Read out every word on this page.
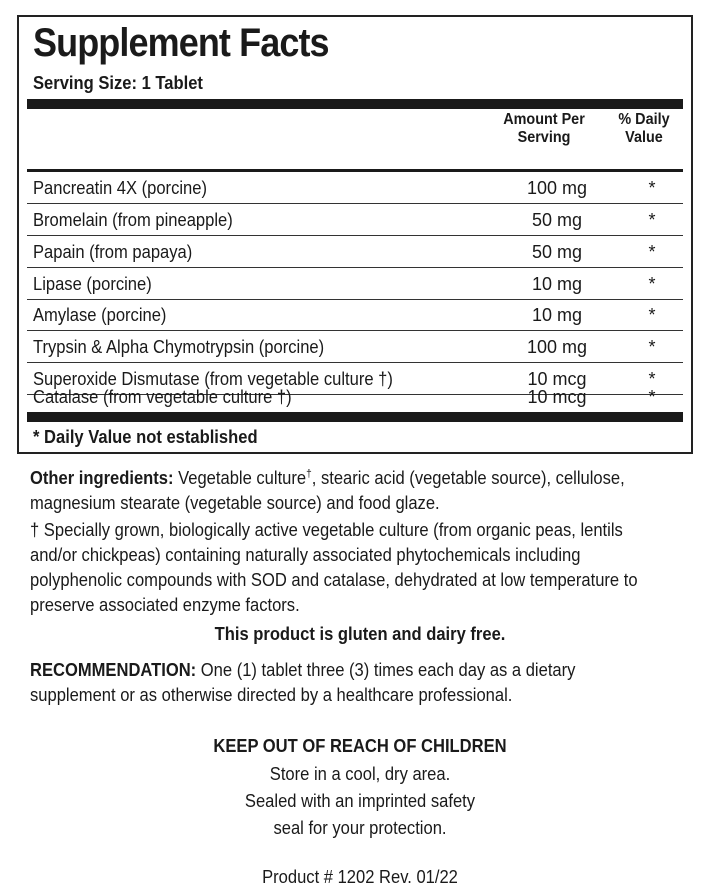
Supplement Facts
Serving Size: 1 Tablet
Amount Per
Serving
% Daily
Value
Pancreatin 4X (porcine)	100 mg	*
Bromelain (from pineapple)	50 mg	*
Papain (from papaya)	50 mg	*
Lipase (porcine)	10 mg	*
Amylase (porcine)	10 mg	*
Trypsin & Alpha Chymotrypsin (porcine)	100 mg	*
Superoxide Dismutase (from vegetable culture †)	10 mcg	*
Catalase (from vegetable culture †)	10 mcg	*
* Daily Value not established
Other ingredients: Vegetable culture†, stearic acid (vegetable source), cellulose,
magnesium stearate (vegetable source) and food glaze.
† Specially grown, biologically active vegetable culture (from organic peas, lentils
and/or chickpeas) containing naturally associated phytochemicals including
polyphenolic compounds with SOD and catalase, dehydrated at low temperature to
preserve associated enzyme factors.
This product is gluten and dairy free.
RECOMMENDATION: One (1) tablet three (3) times each day as a dietary
supplement or as otherwise directed by a healthcare professional.
KEEP OUT OF REACH OF CHILDREN
Store in a cool, dry area.
Sealed with an imprinted safety
seal for your protection.
Product # 1202 Rev. 01/22
